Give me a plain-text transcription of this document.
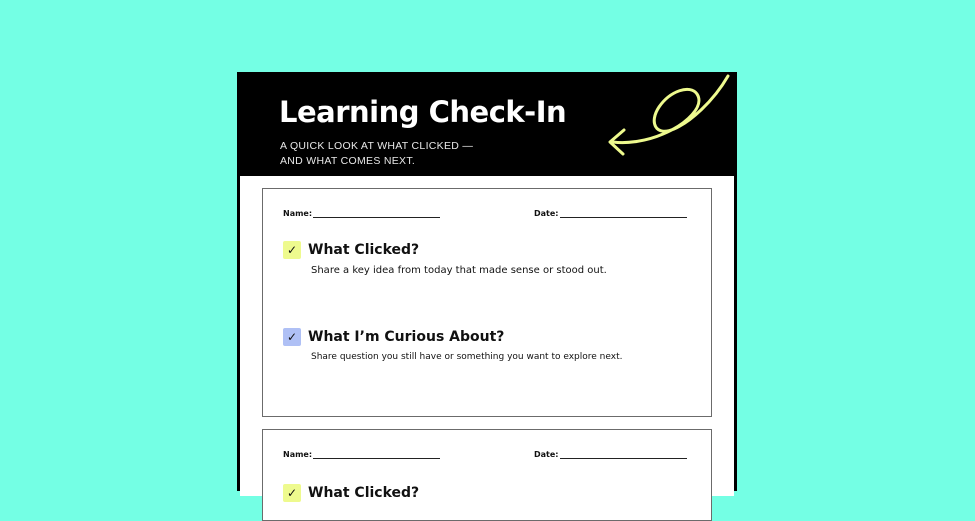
Learning Check-In
A QUICK LOOK AT WHAT CLICKED —
AND WHAT COMES NEXT.
Name:	Date:
✓ What Clicked?
Share a key idea from today that made sense or stood out.
✓ What I’m Curious About?
Share question you still have or something you want to explore next.
Name:	Date:
✓ What Clicked?
